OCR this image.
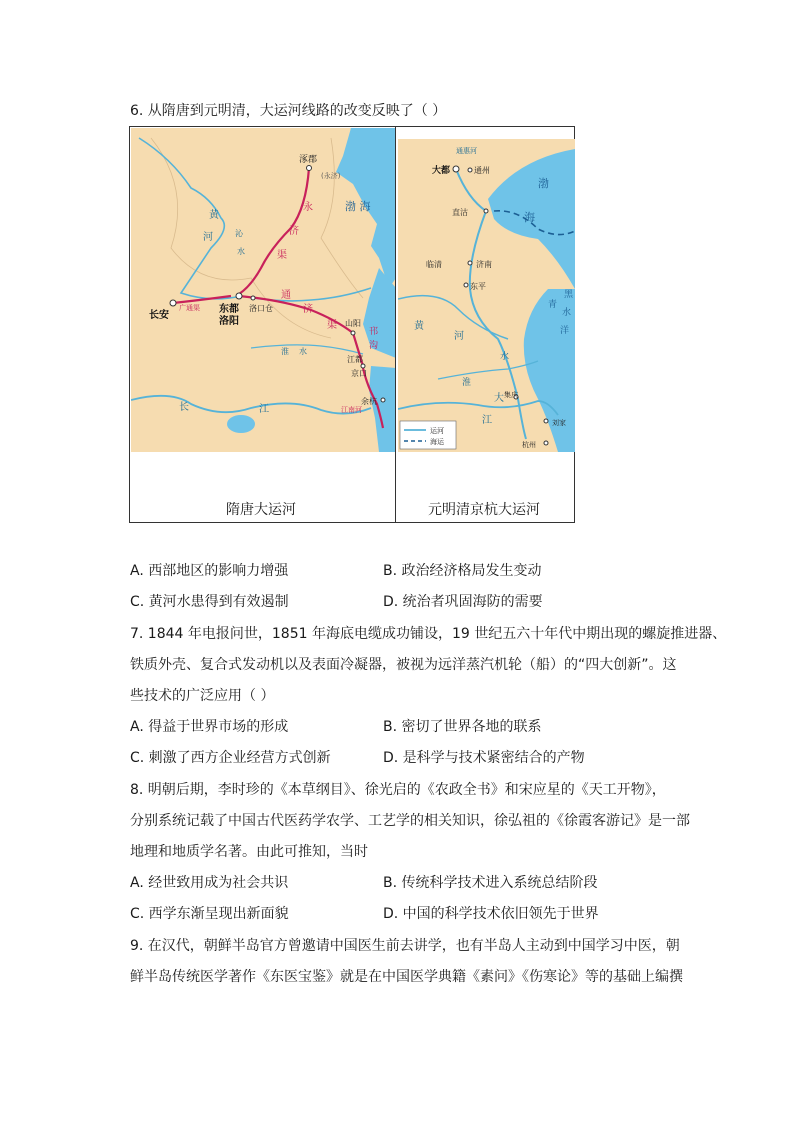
6. 从隋唐到元明清，大运河线路的改变反映了（ ）
涿郡
(永济)
渤 海
黄
河	沁
水
永
济
渠
长安
广通渠 东都
洛阳
洛口仓
通
济
渠 山阳
邗
沟
江都
京口
淮 水
余杭
长	江	江南河
通惠河
大都	通州
直沽
渤
海
临清	济南
东平
青
黑
水
洋
黄
河
淮
水
大
江
集庆
刘家
杭州
运河
海运
隋唐大运河	元明清京杭大运河
A. 西部地区的影响力增强	B. 政治经济格局发生变动
C. 黄河水患得到有效遏制	D. 统治者巩固海防的需要
7. 1844 年电报问世，1851 年海底电缆成功铺设，19 世纪五六十年代中期出现的螺旋推进器、
铁质外壳、复合式发动机以及表面冷凝器，被视为远洋蒸汽机轮（船）的“四大创新”。这
些技术的广泛应用（ ）
A. 得益于世界市场的形成	B. 密切了世界各地的联系
C. 刺激了西方企业经营方式创新	D. 是科学与技术紧密结合的产物
8. 明朝后期，李时珍的《本草纲目》、徐光启的《农政全书》和宋应星的《天工开物》，
分别系统记载了中国古代医药学农学、工艺学的相关知识，徐弘祖的《徐霞客游记》是一部
地理和地质学名著。由此可推知，当时
A. 经世致用成为社会共识	B. 传统科学技术进入系统总结阶段
C. 西学东渐呈现出新面貌	D. 中国的科学技术依旧领先于世界
9. 在汉代，朝鲜半岛官方曾邀请中国医生前去讲学，也有半岛人主动到中国学习中医，朝
鲜半岛传统医学著作《东医宝鉴》就是在中国医学典籍《素问》《伤寒论》等的基础上编撰
